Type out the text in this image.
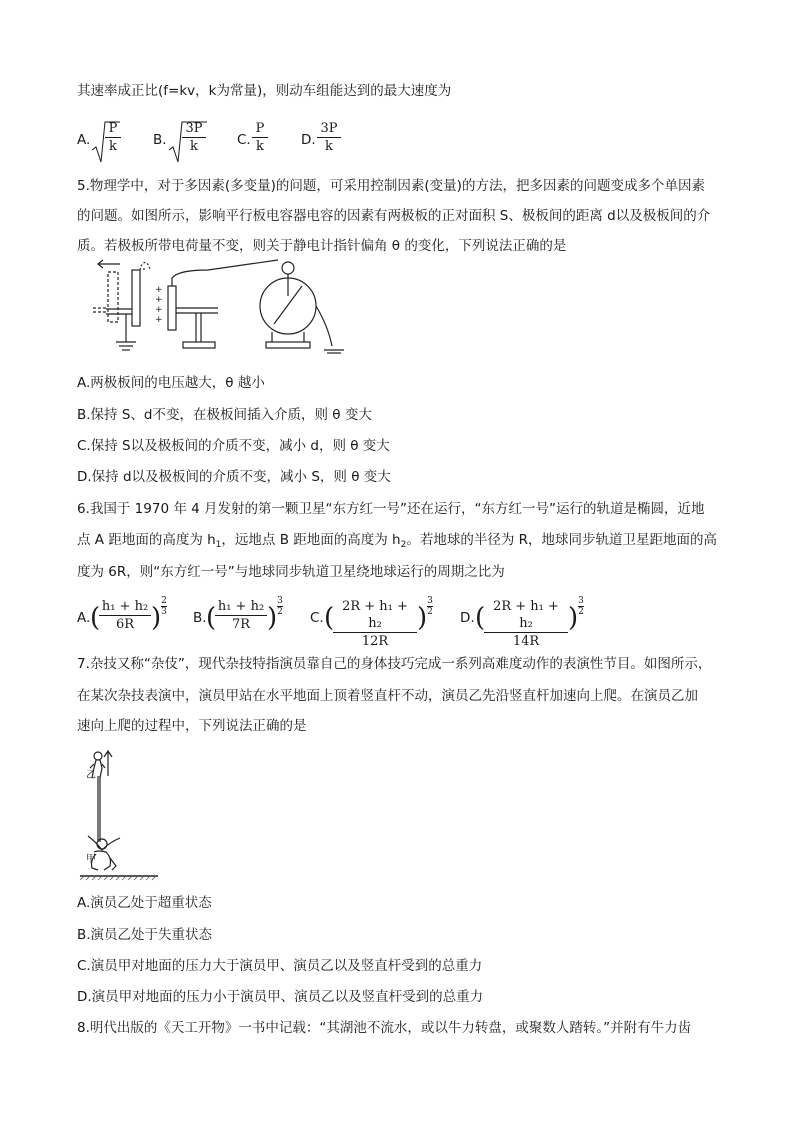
其速率成正比(f=kv，k为常量)，则动车组能达到的最大速度为
A. $\frac{P}{k} B$. $\frac{3P}{k} C$. $\frac{P}{k} D$. $\frac{3P}{k}$
5.物理学中，对于多因素(多变量)的问题，可采用控制因素(变量)的方法，把多因素的问题变成多个单因素
的问题。如图所示，影响平行板电容器电容的因素有两极板的正对面积 S、极板间的距离 d以及极板间的介
质。若极板所带电荷量不变，则关于静电计指针偏角 θ 的变化，下列说法正确的是
+
+
+
+
A.两极板间的电压越大，θ 越小
B.保持 S、d不变，在极板间插入介质，则 θ 变大
C.保持 S以及极板间的介质不变，减小 d，则 θ 变大
D.保持 d以及极板间的介质不变，减小 S，则 θ 变大
6.我国于 1970 年 4 月发射的第一颗卫星“东方红一号”还在运行，“东方红一号”运行的轨道是椭圆，近地
点 A 距地面的高度为 $h_1$，远地点 B 距地面的高度为 $h_2$。若地球的半径为 R，地球同步轨道卫星距地面的高
度为 6R，则“东方红一号”与地球同步轨道卫星绕地球运行的周期之比为
A. (
$\frac{\text{h₁ + h₂}}{6R}$ )
2
3 B. (
$\frac{\text{h₁ + h₂}}{7R}$ )
3
2 C. (
$\frac{\text{2R + h₁ + h₂}}{12R}$ )
3
2 D. (
$\frac{\text{2R + h₁ + h₂}}{14R}$ )
3
2
7.杂技又称“杂伎”，现代杂技特指演员靠自己的身体技巧完成一系列高难度动作的表演性节目。如图所示，
在某次杂技表演中，演员甲站在水平地面上顶着竖直杆不动，演员乙先沿竖直杆加速向上爬。在演员乙加
速向上爬的过程中，下列说法正确的是
乙
甲
A.演员乙处于超重状态
B.演员乙处于失重状态
C.演员甲对地面的压力大于演员甲、演员乙以及竖直杆受到的总重力
D.演员甲对地面的压力小于演员甲、演员乙以及竖直杆受到的总重力
8.明代出版的《天工开物》一书中记载：“其湖池不流水，或以牛力转盘，或聚数人踏转。”并附有牛力齿
